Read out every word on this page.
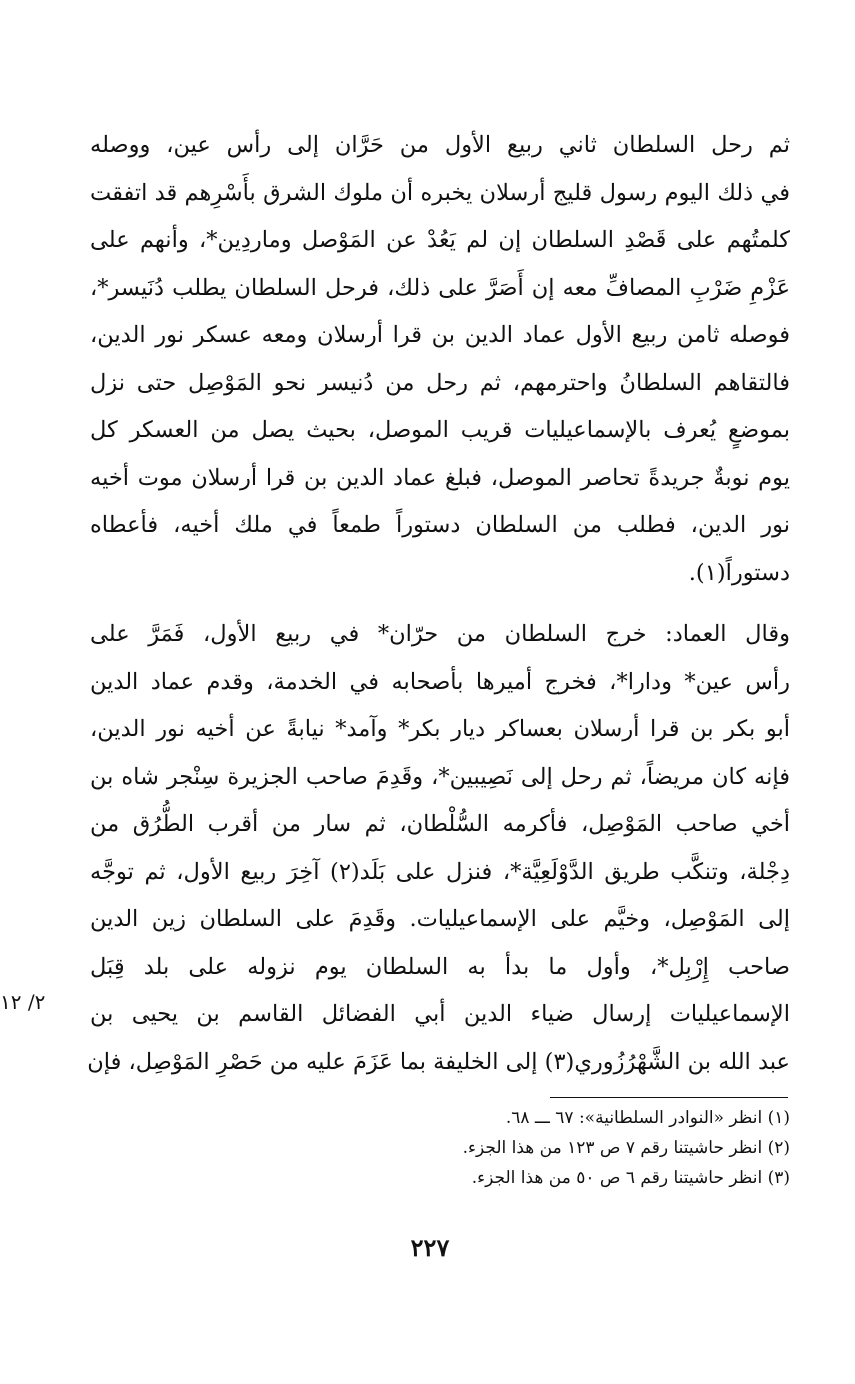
ثم رحل السلطان ثاني ربيع الأول من حَرَّان إلى رأس عين، ووصله
في ذلك اليوم رسول قليج أرسلان يخبره أن ملوك الشرق بأَسْرِهم قد اتفقت
كلمتُهم على قَصْدِ السلطان إن لم يَعُدْ عن المَوْصل وماردِين*، وأنهم على
عَزْمِ ضَرْبِ المصافِّ معه إن أَصَرَّ على ذلك، فرحل السلطان يطلب دُنَيسر*،
فوصله ثامن ربيع الأول عماد الدين بن قرا أرسلان ومعه عسكر نور الدين،
فالتقاهم السلطانُ واحترمهم، ثم رحل من دُنيسر نحو المَوْصِل حتى نزل
بموضعٍ يُعرف بالإسماعيليات قريب الموصل، بحيث يصل من العسكر كل
يوم نوبةٌ جريدةً تحاصر الموصل، فبلغ عماد الدين بن قرا أرسلان موت أخيه
نور الدين، فطلب من السلطان دستوراً طمعاً في ملك أخيه، فأعطاه
دستوراً(١).
وقال العماد: خرج السلطان من حرّان* في ربيع الأول، فَمَرَّ على
رأس عين* ودارا*، فخرج أميرها بأصحابه في الخدمة، وقدم عماد الدين
أبو بكر بن قرا أرسلان بعساكر ديار بكر* وآمد* نيابةً عن أخيه نور الدين،
فإنه كان مريضاً، ثم رحل إلى نَصِيبين*، وقَدِمَ صاحب الجزيرة سِنْجر شاه بن
أخي صاحب المَوْصِل، فأكرمه السُّلْطان، ثم سار من أقرب الطُّرُق من
دِجْلة، وتنكَّب طريق الدَّوْلَعِيَّة*، فنزل على بَلَد(٢) آخِرَ ربيع الأول، ثم توجَّه
إلى المَوْصِل، وخيَّم على الإسماعيليات. وقَدِمَ على السلطان زين الدين
صاحب إِرْبِل*، وأول ما بدأ به السلطان يوم نزوله على بلد قِبَل
الإسماعيليات إرسال ضياء الدين أبي الفضائل القاسم بن يحيى بن
عبد الله بن الشَّهْرُزُوري(٣) إلى الخليفة بما عَزَمَ عليه من حَصْرِ المَوْصِل، فإن
٢/ ١٢
(١) انظر «النوادر السلطانية»: ٦٧ ـــ ٦٨.
(٢) انظر حاشيتنا رقم ٧ ص ١٢٣ من هذا الجزء.
(٣) انظر حاشيتنا رقم ٦ ص ٥٠ من هذا الجزء.
٢٢٧
